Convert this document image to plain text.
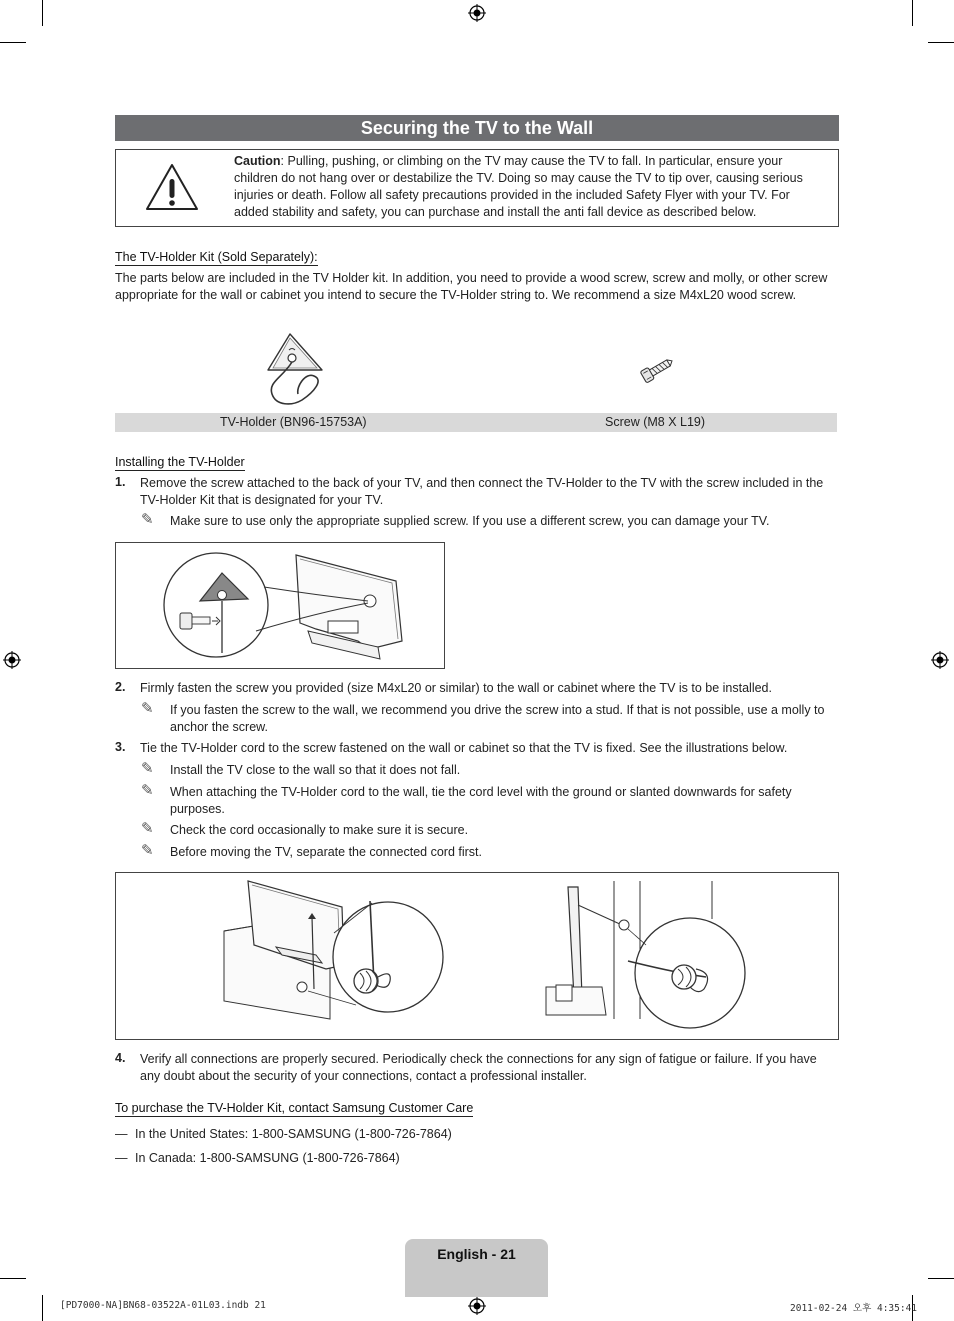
Securing the TV to the Wall
Caution: Pulling, pushing, or climbing on the TV may cause the TV to fall. In particular, ensure your children do not hang over or destabilize the TV. Doing so may cause the TV to tip over, causing serious injuries or death. Follow all safety precautions provided in the included Safety Flyer with your TV. For added stability and safety, you can purchase and install the anti fall device as described below.
The TV-Holder Kit (Sold Separately):
The parts below are included in the TV Holder kit. In addition, you need to provide a wood screw, screw and molly, or other screw appropriate for the wall or cabinet you intend to secure the TV-Holder string to. We recommend a size M4xL20 wood screw.
TV-Holder (BN96-15753A)	Screw (M8 X L19)
Installing the TV-Holder
1. Remove the screw attached to the back of your TV, and then connect the TV-Holder to the TV with the screw included in the TV-Holder Kit that is designated for your TV.
✎ Make sure to use only the appropriate supplied screw. If you use a different screw, you can damage your TV.
2. Firmly fasten the screw you provided (size M4xL20 or similar) to the wall or cabinet where the TV is to be installed.
✎ If you fasten the screw to the wall, we recommend you drive the screw into a stud. If that is not possible, use a molly to anchor the screw.
3. Tie the TV-Holder cord to the screw fastened on the wall or cabinet so that the TV is fixed. See the illustrations below.
✎ Install the TV close to the wall so that it does not fall.
✎ When attaching the TV-Holder cord to the wall, tie the cord level with the ground or slanted downwards for safety purposes.
✎ Check the cord occasionally to make sure it is secure.
✎ Before moving the TV, separate the connected cord first.
4. Verify all connections are properly secured. Periodically check the connections for any sign of fatigue or failure. If you have any doubt about the security of your connections, contact a professional installer.
To purchase the TV-Holder Kit, contact Samsung Customer Care
— In the United States: 1-800-SAMSUNG (1-800-726-7864)
— In Canada: 1-800-SAMSUNG (1-800-726-7864)
English - 21
[PD7000-NA]BN68-03522A-01L03.indb 21	2011-02-24 오후 4:35:41
